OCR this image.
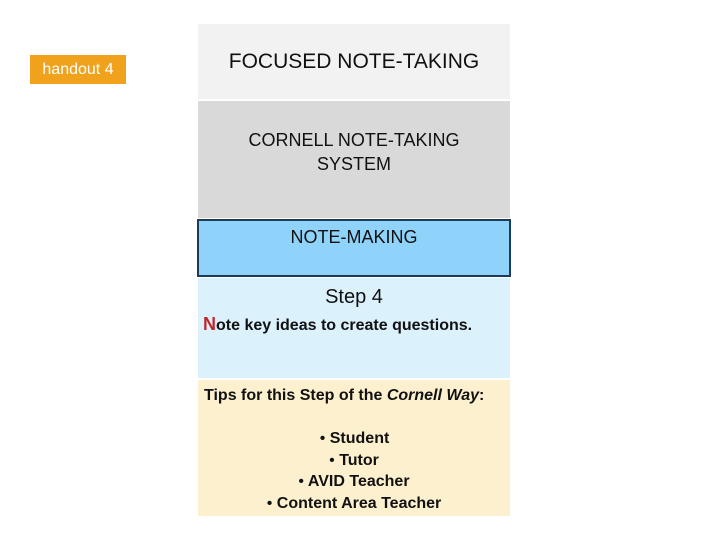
handout 4	FOCUSED NOTE-TAKING
CORNELL NOTE-TAKING
SYSTEM
NOTE-MAKING
Step 4
Note key ideas to create questions.
Tips for this Step of the Cornell Way:
• Student
• Tutor
• AVID Teacher
• Content Area Teacher
